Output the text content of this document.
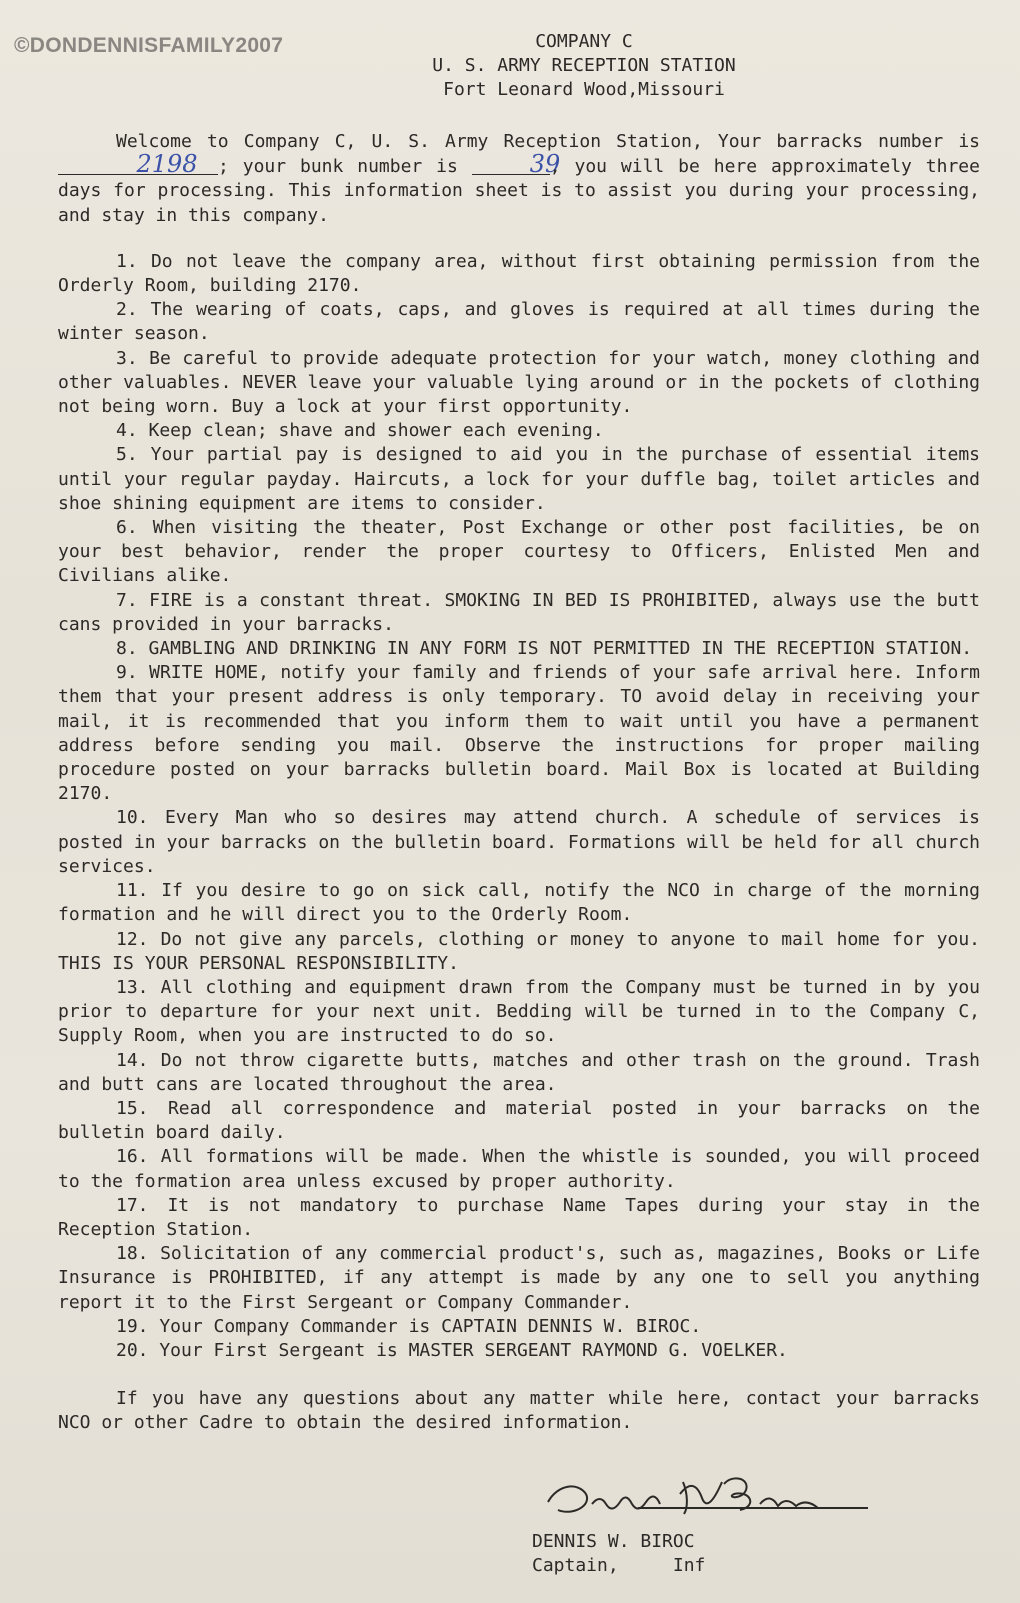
©DONDENNISFAMILY2007	COMPANY C
U. S. ARMY RECEPTION STATION
Fort Leonard Wood,Missouri

Welcome to Company C, U. S. Army Reception Station, Your barracks number is 2198 ; your bunk number is 39, you will be here approximately three days for processing. This information sheet is to assist you during your processing, and stay in this company.

1. Do not leave the company area, without first obtaining permission from the Orderly Room, building 2170.

2. The wearing of coats, caps, and gloves is required at all times during the winter season.

3. Be careful to provide adequate protection for your watch, money clothing and other valuables. NEVER leave your valuable lying around or in the pockets of clothing not being worn. Buy a lock at your first opportunity.

4. Keep clean; shave and shower each evening.

5. Your partial pay is designed to aid you in the purchase of essential items until your regular payday. Haircuts, a lock for your duffle bag, toilet articles and shoe shining equipment are items to consider.

6. When visiting the theater, Post Exchange or other post facilities, be on your best behavior, render the proper courtesy to Officers, Enlisted Men and Civilians alike.

7. FIRE is a constant threat. SMOKING IN BED IS PROHIBITED, always use the butt cans provided in your barracks.

8. GAMBLING AND DRINKING IN ANY FORM IS NOT PERMITTED IN THE RECEPTION STATION.

9. WRITE HOME, notify your family and friends of your safe arrival here. Inform them that your present address is only temporary. TO avoid delay in receiving your mail, it is recommended that you inform them to wait until you have a permanent address before sending you mail. Observe the instructions for proper mailing procedure posted on your barracks bulletin board. Mail Box is located at Building 2170.

10. Every Man who so desires may attend church. A schedule of services is posted in your barracks on the bulletin board. Formations will be held for all church services.

11. If you desire to go on sick call, notify the NCO in charge of the morning formation and he will direct you to the Orderly Room.

12. Do not give any parcels, clothing or money to anyone to mail home for you. THIS IS YOUR PERSONAL RESPONSIBILITY.

13. All clothing and equipment drawn from the Company must be turned in by you prior to departure for your next unit. Bedding will be turned in to the Company C, Supply Room, when you are instructed to do so.

14. Do not throw cigarette butts, matches and other trash on the ground. Trash and butt cans are located throughout the area.

15. Read all correspondence and material posted in your barracks on the bulletin board daily.

16. All formations will be made. When the whistle is sounded, you will proceed to the formation area unless excused by proper authority.

17. It is not mandatory to purchase Name Tapes during your stay in the Reception Station.

18. Solicitation of any commercial product's, such as, magazines, Books or Life Insurance is PROHIBITED, if any attempt is made by any one to sell you anything report it to the First Sergeant or Company Commander.

19. Your Company Commander is CAPTAIN DENNIS W. BIROC.

20. Your First Sergeant is MASTER SERGEANT RAYMOND G. VOELKER.

If you have any questions about any matter while here, contact your barracks NCO or other Cadre to obtain the desired information.

DENNIS W. BIROC
Captain,     Inf
